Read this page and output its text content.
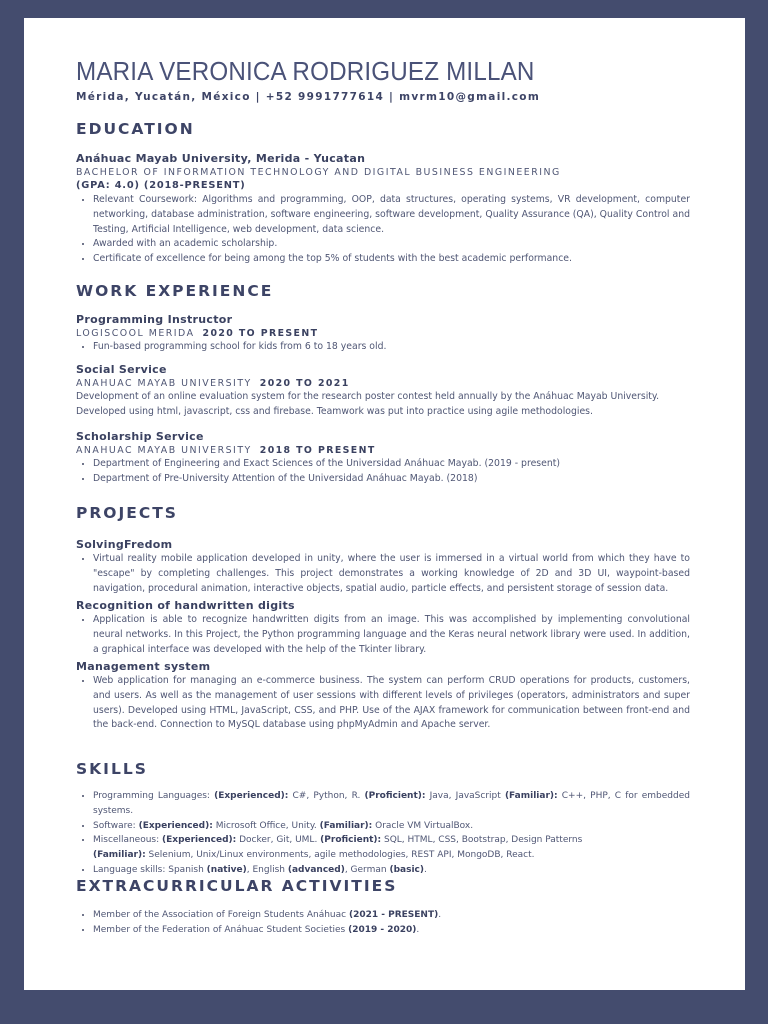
MARIA VERONICA RODRIGUEZ MILLAN
Mérida, Yucatán, México | +52 9991777614 | mvrm10@gmail.com
EDUCATION
Anáhuac Mayab University, Merida - Yucatan
BACHELOR OF INFORMATION TECHNOLOGY AND DIGITAL BUSINESS ENGINEERING
(GPA: 4.0) (2018-PRESENT)
• Relevant Coursework: Algorithms and programming, OOP, data structures, operating systems, VR development, computer networking, database administration, software engineering, software development, Quality Assurance (QA), Quality Control and Testing, Artificial Intelligence, web development, data science.
• Awarded with an academic scholarship.
• Certificate of excellence for being among the top 5% of students with the best academic performance.
WORK EXPERIENCE
Programming Instructor
LOGISCOOL MERIDA 2020 TO PRESENT
• Fun-based programming school for kids from 6 to 18 years old.
Social Service
ANAHUAC MAYAB UNIVERSITY 2020 TO 2021
Development of an online evaluation system for the research poster contest held annually by the Anáhuac Mayab University. Developed using html, javascript, css and firebase. Teamwork was put into practice using agile methodologies.
Scholarship Service
ANAHUAC MAYAB UNIVERSITY 2018 TO PRESENT
• Department of Engineering and Exact Sciences of the Universidad Anáhuac Mayab. (2019 - present)
• Department of Pre-University Attention of the Universidad Anáhuac Mayab. (2018)
PROJECTS
SolvingFredom
• Virtual reality mobile application developed in unity, where the user is immersed in a virtual world from which they have to "escape" by completing challenges. This project demonstrates a working knowledge of 2D and 3D UI, waypoint-based navigation, procedural animation, interactive objects, spatial audio, particle effects, and persistent storage of session data.
Recognition of handwritten digits
• Application is able to recognize handwritten digits from an image. This was accomplished by implementing convolutional neural networks. In this Project, the Python programming language and the Keras neural network library were used. In addition, a graphical interface was developed with the help of the Tkinter library.
Management system
• Web application for managing an e-commerce business. The system can perform CRUD operations for products, customers, and users. As well as the management of user sessions with different levels of privileges (operators, administrators and super users). Developed using HTML, JavaScript, CSS, and PHP. Use of the AJAX framework for communication between front-end and the back-end. Connection to MySQL database using phpMyAdmin and Apache server.
SKILLS
• Programming Languages: (Experienced): C#, Python, R. (Proficient): Java, JavaScript (Familiar): C++, PHP, C for embedded systems.
• Software: (Experienced): Microsoft Office, Unity. (Familiar): Oracle VM VirtualBox.
• Miscellaneous: (Experienced): Docker, Git, UML. (Proficient): SQL, HTML, CSS, Bootstrap, Design Patterns
(Familiar): Selenium, Unix/Linux environments, agile methodologies, REST API, MongoDB, React.
• Language skills: Spanish (native), English (advanced), German (basic).
EXTRACURRICULAR ACTIVITIES
• Member of the Association of Foreign Students Anáhuac (2021 - PRESENT).
• Member of the Federation of Anáhuac Student Societies (2019 - 2020).
